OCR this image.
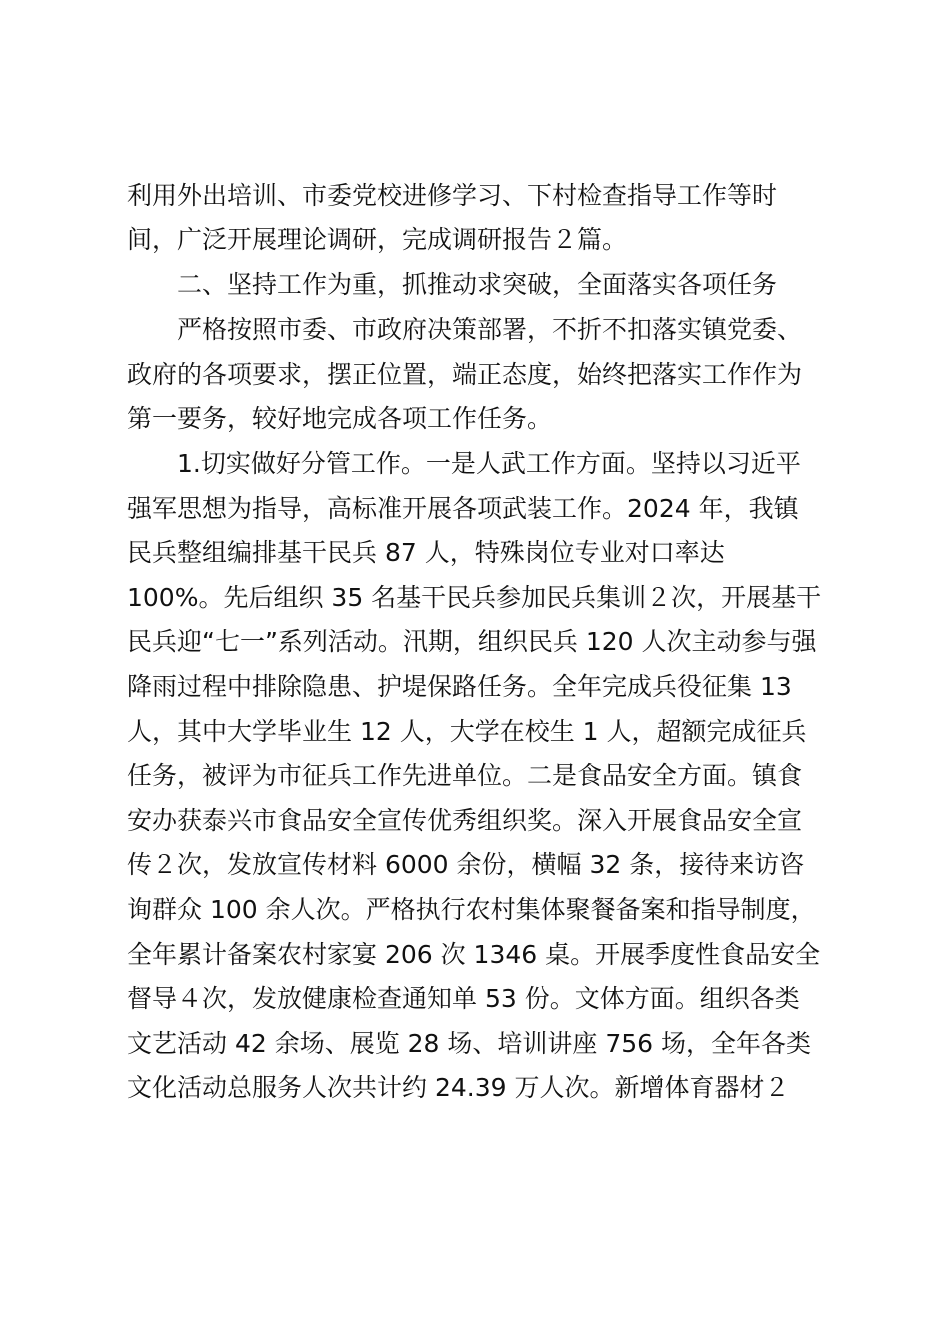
利用外出培训、市委党校进修学习、下村检查指导工作等时

间，广泛开展理论调研，完成调研报告２篇。

二、坚持工作为重，抓推动求突破，全面落实各项任务

严格按照市委、市政府决策部署，不折不扣落实镇党委、

政府的各项要求，摆正位置，端正态度，始终把落实工作作为

第一要务，较好地完成各项工作任务。

1.切实做好分管工作。一是人武工作方面。坚持以习近平

强军思想为指导，高标准开展各项武装工作。2024 年，我镇

民兵整组编排基干民兵 87 人，特殊岗位专业对口率达

100%。先后组织 35 名基干民兵参加民兵集训２次，开展基干

民兵迎“七一”系列活动。汛期，组织民兵 120 人次主动参与强

降雨过程中排除隐患、护堤保路任务。全年完成兵役征集 13

人，其中大学毕业生 12 人，大学在校生 1 人，超额完成征兵

任务，被评为市征兵工作先进单位。二是食品安全方面。镇食

安办获泰兴市食品安全宣传优秀组织奖。深入开展食品安全宣

传２次，发放宣传材料 6000 余份，横幅 32 条，接待来访咨

询群众 100 余人次。严格执行农村集体聚餐备案和指导制度，

全年累计备案农村家宴 206 次 1346 桌。开展季度性食品安全

督导４次，发放健康检查通知单 53 份。文体方面。组织各类

文艺活动 42 余场、展览 28 场、培训讲座 756 场，全年各类

文化活动总服务人次共计约 24.39 万人次。新增体育器材２
